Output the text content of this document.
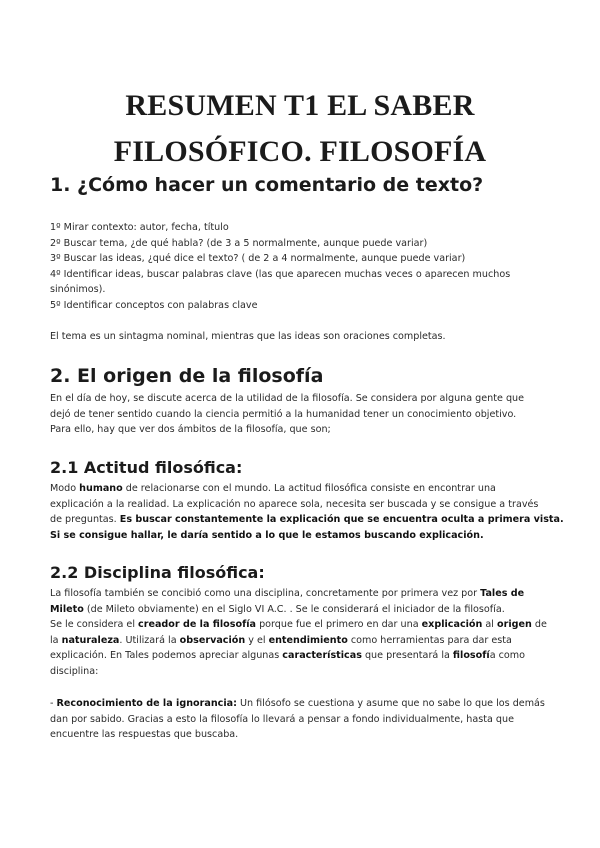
RESUMEN T1 EL SABER
FILOSÓFICO. FILOSOFÍA
1. ¿Cómo hacer un comentario de texto?
1º Mirar contexto: autor, fecha, título
2º Buscar tema, ¿de qué habla? (de 3 a 5 normalmente, aunque puede variar)
3º Buscar las ideas, ¿qué dice el texto? ( de 2 a 4 normalmente, aunque puede variar)
4º Identificar ideas, buscar palabras clave (las que aparecen muchas veces o aparecen muchos
sinónimos).
5º Identificar conceptos con palabras clave
El tema es un sintagma nominal, mientras que las ideas son oraciones completas.
2. El origen de la filosofía
En el día de hoy, se discute acerca de la utilidad de la filosofía. Se considera por alguna gente que
dejó de tener sentido cuando la ciencia permitió a la humanidad tener un conocimiento objetivo.
Para ello, hay que ver dos ámbitos de la filosofía, que son;
2.1 Actitud filosófica:
Modo humano de relacionarse con el mundo. La actitud filosófica consiste en encontrar una
explicación a la realidad. La explicación no aparece sola, necesita ser buscada y se consigue a través
de preguntas. Es buscar constantemente la explicación que se encuentra oculta a primera vista.
Si se consigue hallar, le daría sentido a lo que le estamos buscando explicación.
2.2 Disciplina filosófica:
La filosofía también se concibió como una disciplina, concretamente por primera vez por Tales de
Mileto (de Mileto obviamente) en el Siglo VI A.C. . Se le considerará el iniciador de la filosofía.
Se le considera el creador de la filosofía porque fue el primero en dar una explicación al origen de
la naturaleza. Utilizará la observación y el entendimiento como herramientas para dar esta
explicación. En Tales podemos apreciar algunas características que presentará la filosofía como
disciplina:
- Reconocimiento de la ignorancia: Un filósofo se cuestiona y asume que no sabe lo que los demás
dan por sabido. Gracias a esto la filosofía lo llevará a pensar a fondo individualmente, hasta que
encuentre las respuestas que buscaba.
